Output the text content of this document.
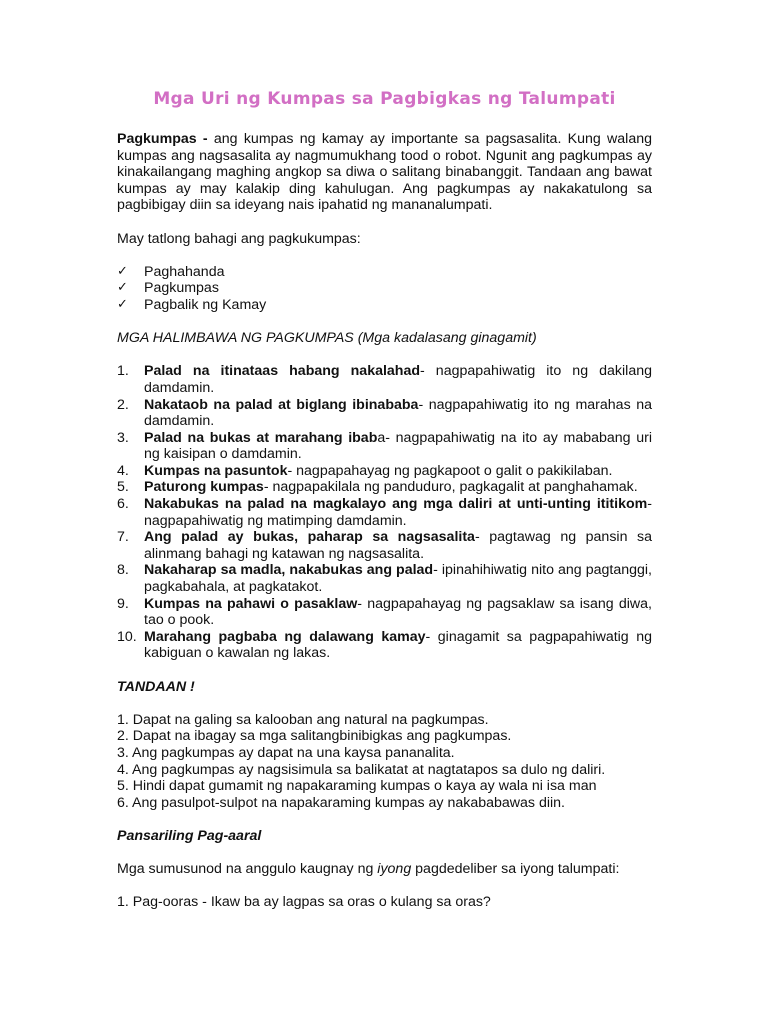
Mga Uri ng Kumpas sa Pagbigkas ng Talumpati

Pagkumpas - ang kumpas ng kamay ay importante sa pagsasalita. Kung walang kumpas ang nagsasalita ay nagmumukhang tood o robot. Ngunit ang pagkumpas ay kinakailangang maghing angkop sa diwa o salitang binabanggit. Tandaan ang bawat kumpas ay may kalakip ding kahulugan. Ang pagkumpas ay nakakatulong sa pagbibigay diin sa ideyang nais ipahatid ng mananalumpati.

May tatlong bahagi ang pagkukumpas:

✓ Paghahanda
✓ Pagkumpas
✓ Pagbalik ng Kamay

MGA HALIMBAWA NG PAGKUMPAS (Mga kadalasang ginagamit)

1. Palad na itinataas habang nakalahad- nagpapahiwatig ito ng dakilang damdamin.
2. Nakataob na palad at biglang ibinababa- nagpapahiwatig ito ng marahas na damdamin.
3. Palad na bukas at marahang ibaba- nagpapahiwatig na ito ay mababang uri ng kaisipan o damdamin.
4. Kumpas na pasuntok- nagpapahayag ng pagkapoot o galit o pakikilaban.
5. Paturong kumpas- nagpapakilala ng panduduro, pagkagalit at panghahamak.
6. Nakabukas na palad na magkalayo ang mga daliri at unti-unting ititikom- nagpapahiwatig ng matimping damdamin.
7. Ang palad ay bukas, paharap sa nagsasalita- pagtawag ng pansin sa alinmang bahagi ng katawan ng nagsasalita.
8. Nakaharap sa madla, nakabukas ang palad- ipinahihiwatig nito ang pagtanggi, pagkabahala, at pagkatakot.
9. Kumpas na pahawi o pasaklaw- nagpapahayag ng pagsaklaw sa isang diwa, tao o pook.
10. Marahang pagbaba ng dalawang kamay- ginagamit sa pagpapahiwatig ng kabiguan o kawalan ng lakas.

TANDAAN !

1. Dapat na galing sa kalooban ang natural na pagkumpas.

2. Dapat na ibagay sa mga salitangbinibigkas ang pagkumpas.

3. Ang pagkumpas ay dapat na una kaysa pananalita.

4. Ang pagkumpas ay nagsisimula sa balikatat at nagtatapos sa dulo ng daliri.

5. Hindi dapat gumamit ng napakaraming kumpas o kaya ay wala ni isa man

6. Ang pasulpot-sulpot na napakaraming kumpas ay nakababawas diin.

Pansariling Pag-aaral

Mga sumusunod na anggulo kaugnay ng iyong pagdedeliber sa iyong talumpati:

1. Pag-ooras - Ikaw ba ay lagpas sa oras o kulang sa oras?
